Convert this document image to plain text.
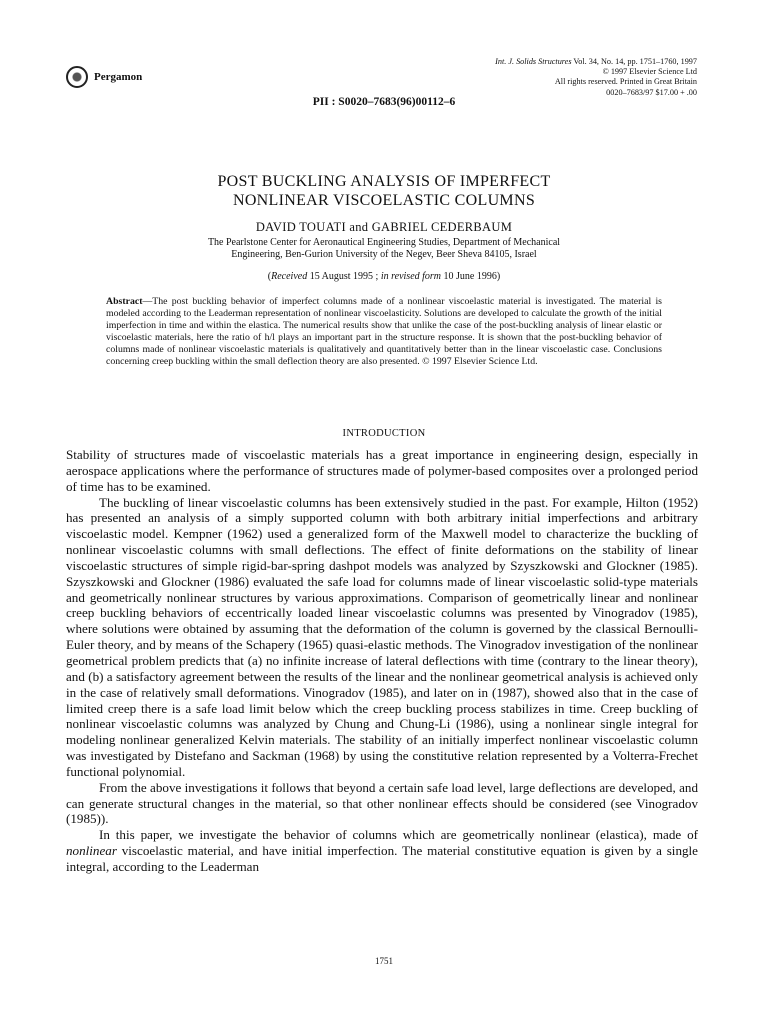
Pergamon
Int. J. Solids Structures Vol. 34, No. 14, pp. 1751–1760, 1997
© 1997 Elsevier Science Ltd
All rights reserved. Printed in Great Britain
0020–7683/97 $17.00 + .00
PII : S0020–7683(96)00112–6
POST BUCKLING ANALYSIS OF IMPERFECT
NONLINEAR VISCOELASTIC COLUMNS
DAVID TOUATI and GABRIEL CEDERBAUM
The Pearlstone Center for Aeronautical Engineering Studies, Department of Mechanical
Engineering, Ben-Gurion University of the Negev, Beer Sheva 84105, Israel
(Received 15 August 1995 ; in revised form 10 June 1996)
Abstract—The post buckling behavior of imperfect columns made of a nonlinear viscoelastic material is investigated. The material is modeled according to the Leaderman representation of nonlinear viscoelasticity. Solutions are developed to calculate the growth of the initial imperfection in time and within the elastica. The numerical results show that unlike the case of the post-buckling analysis of linear elastic or viscoelastic materials, here the ratio of h/l plays an important part in the structure response. It is shown that the post-buckling behavior of columns made of nonlinear viscoelastic materials is qualitatively and quantitatively better than in the linear viscoelastic case. Conclusions concerning creep buckling within the small deflection theory are also presented. © 1997 Elsevier Science Ltd.
INTRODUCTION

Stability of structures made of viscoelastic materials has a great importance in engineering design, especially in aerospace applications where the performance of structures made of polymer-based composites over a prolonged period of time has to be examined.

The buckling of linear viscoelastic columns has been extensively studied in the past. For example, Hilton (1952) has presented an analysis of a simply supported column with both arbitrary initial imperfections and arbitrary viscoelastic model. Kempner (1962) used a generalized form of the Maxwell model to characterize the buckling of nonlinear viscoelastic columns with small deflections. The effect of finite deformations on the stability of linear viscoelastic structures of simple rigid-bar-spring dashpot models was analyzed by Szyszkowski and Glockner (1985). Szyszkowski and Glockner (1986) evaluated the safe load for columns made of linear viscoelastic solid-type materials and geometrically nonlinear structures by various approximations. Comparison of geometrically linear and nonlinear creep buckling behaviors of eccentrically loaded linear viscoelastic columns was presented by Vinogradov (1985), where solutions were obtained by assuming that the deformation of the column is governed by the classical Bernoulli-Euler theory, and by means of the Schapery (1965) quasi-elastic methods. The Vinogradov investigation of the nonlinear geometrical problem predicts that (a) no infinite increase of lateral deflections with time (contrary to the linear theory), and (b) a satisfactory agreement between the results of the linear and the nonlinear geometrical analysis is achieved only in the case of relatively small deformations. Vinogradov (1985), and later on in (1987), showed also that in the case of limited creep there is a safe load limit below which the creep buckling process stabilizes in time. Creep buckling of nonlinear viscoelastic columns was analyzed by Chung and Chung-Li (1986), using a nonlinear single integral for modeling nonlinear generalized Kelvin materials. The stability of an initially imperfect nonlinear viscoelastic column was investigated by Distefano and Sackman (1968) by using the constitutive relation represented by a Volterra-Frechet functional polynomial.

From the above investigations it follows that beyond a certain safe load level, large deflections are developed, and can generate structural changes in the material, so that other nonlinear effects should be considered (see Vinogradov (1985)).

In this paper, we investigate the behavior of columns which are geometrically nonlinear (elastica), made of nonlinear viscoelastic material, and have initial imperfection. The material constitutive equation is given by a single integral, according to the Leaderman

1751
